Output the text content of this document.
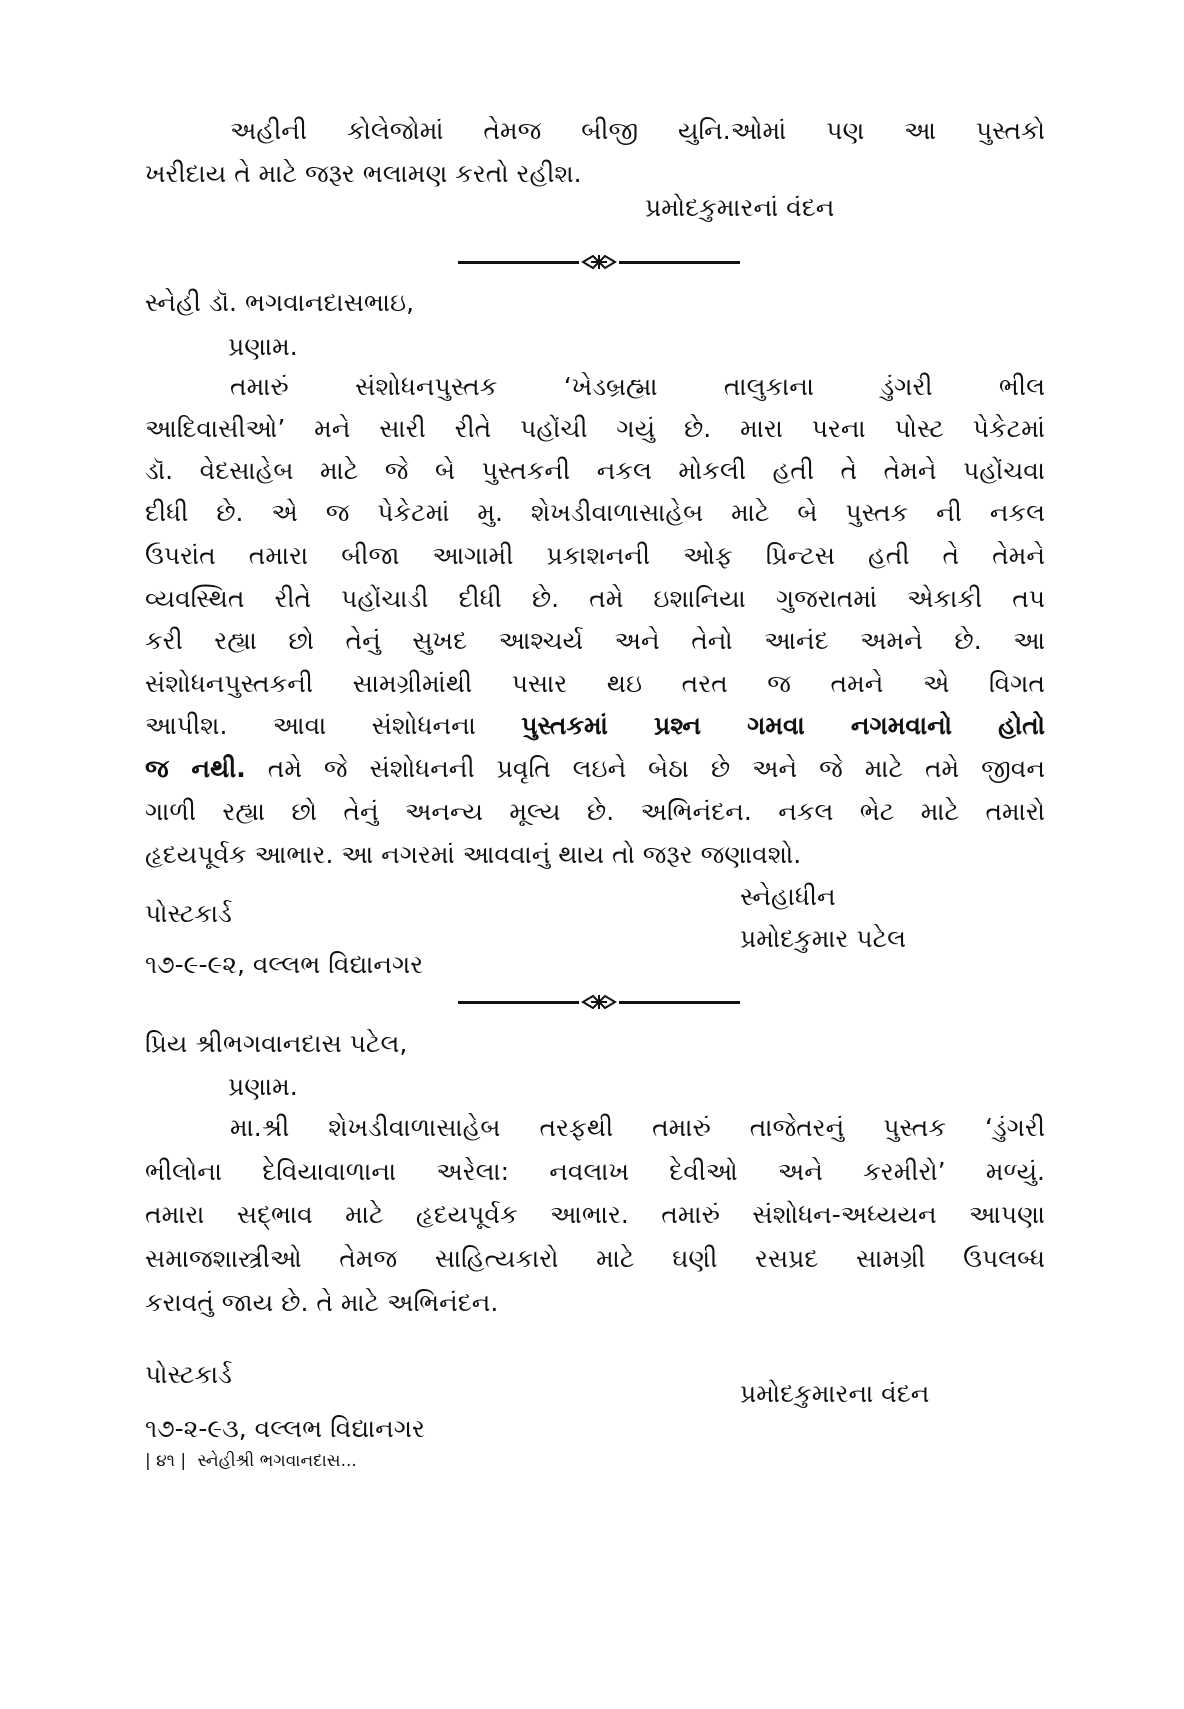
અહીની કોલેજોમાં તેમજ બીજી યુનિ.ઓમાં પણ આ પુસ્તકો
ખરીદાય તે માટે જરૂર ભલામણ કરતો રહીશ.
પ્રમોદકુમારનાં વંદન
સ્નેહી ડૉ. ભગવાનદાસભાઇ,
પ્રણામ.
તમારું સંશોધનપુસ્તક ‘ખેડબ્રહ્મા તાલુકાના ડુંગરી ભીલ
આદિવાસીઓ’ મને સારી રીતે પહોંચી ગયું છે. મારા પરના પોસ્ટ પેકેટમાં
ડૉ. વેદસાહેબ માટે જે બે પુસ્તકની નકલ મોકલી હતી તે તેમને પહોંચવા
દીધી છે. એ જ પેકેટમાં મુ. શેખડીવાળાસાહેબ માટે બે પુસ્તક ની નકલ
ઉપરાંત તમારા બીજા આગામી પ્રકાશનની ઓફ પ્રિન્ટસ હતી તે તેમને
વ્યવસ્થિત રીતે પહોંચાડી દીધી છે. તમે ઇશાનિયા ગુજરાતમાં એકાકી તપ
કરી રહ્યા છો તેનું સુખદ આશ્ચર્ય અને તેનો આનંદ અમને છે. આ
સંશોધનપુસ્તકની સામગ્રીમાંથી પસાર થઇ તરત જ તમને એ વિગત
આપીશ. આવા સંશોધનના પુસ્તકમાં પ્રશ્ન ગમવા નગમવાનો હોતો
જ નથી. તમે જે સંશોધનની પ્રવૃતિ લઇને બેઠા છે અને જે માટે તમે જીવન
ગાળી રહ્યા છો તેનું અનન્ય મૂલ્ય છે. અભિનંદન. નકલ ભેટ માટે તમારો
હૃદયપૂર્વક આભાર. આ નગરમાં આવવાનું થાય તો જરૂર જણાવશો.
સ્નેહાધીન
પોસ્ટકાર્ડ
પ્રમોદકુમાર પટેલ
૧૭-૯-૯૨, વલ્લભ વિદ્યાનગર
પ્રિય શ્રીભગવાનદાસ પટેલ,
પ્રણામ.
મા.શ્રી શેખડીવાળાસાહેબ તરફથી તમારું તાજેતરનું પુસ્તક ‘ડુંગરી
ભીલોના દેવિયાવાળાના અરેલા: નવલાખ દેવીઓ અને કરમીરો’ મળ્યું.
તમારા સદ્ભાવ માટે હૃદયપૂર્વક આભાર. તમારું સંશોધન-અધ્યયન આપણા
સમાજશાસ્ત્રીઓ તેમજ સાહિત્યકારો માટે ઘણી રસપ્રદ સામગ્રી ઉપલબ્ધ
કરાવતું જાય છે. તે માટે અભિનંદન.
પોસ્ટકાર્ડ
પ્રમોદકુમારના વંદન
૧૭-૨-૯૩, વલ્લભ વિદ્યાનગર
| ૪૧ | સ્નેહીશ્રી ભગવાનદાસ...
